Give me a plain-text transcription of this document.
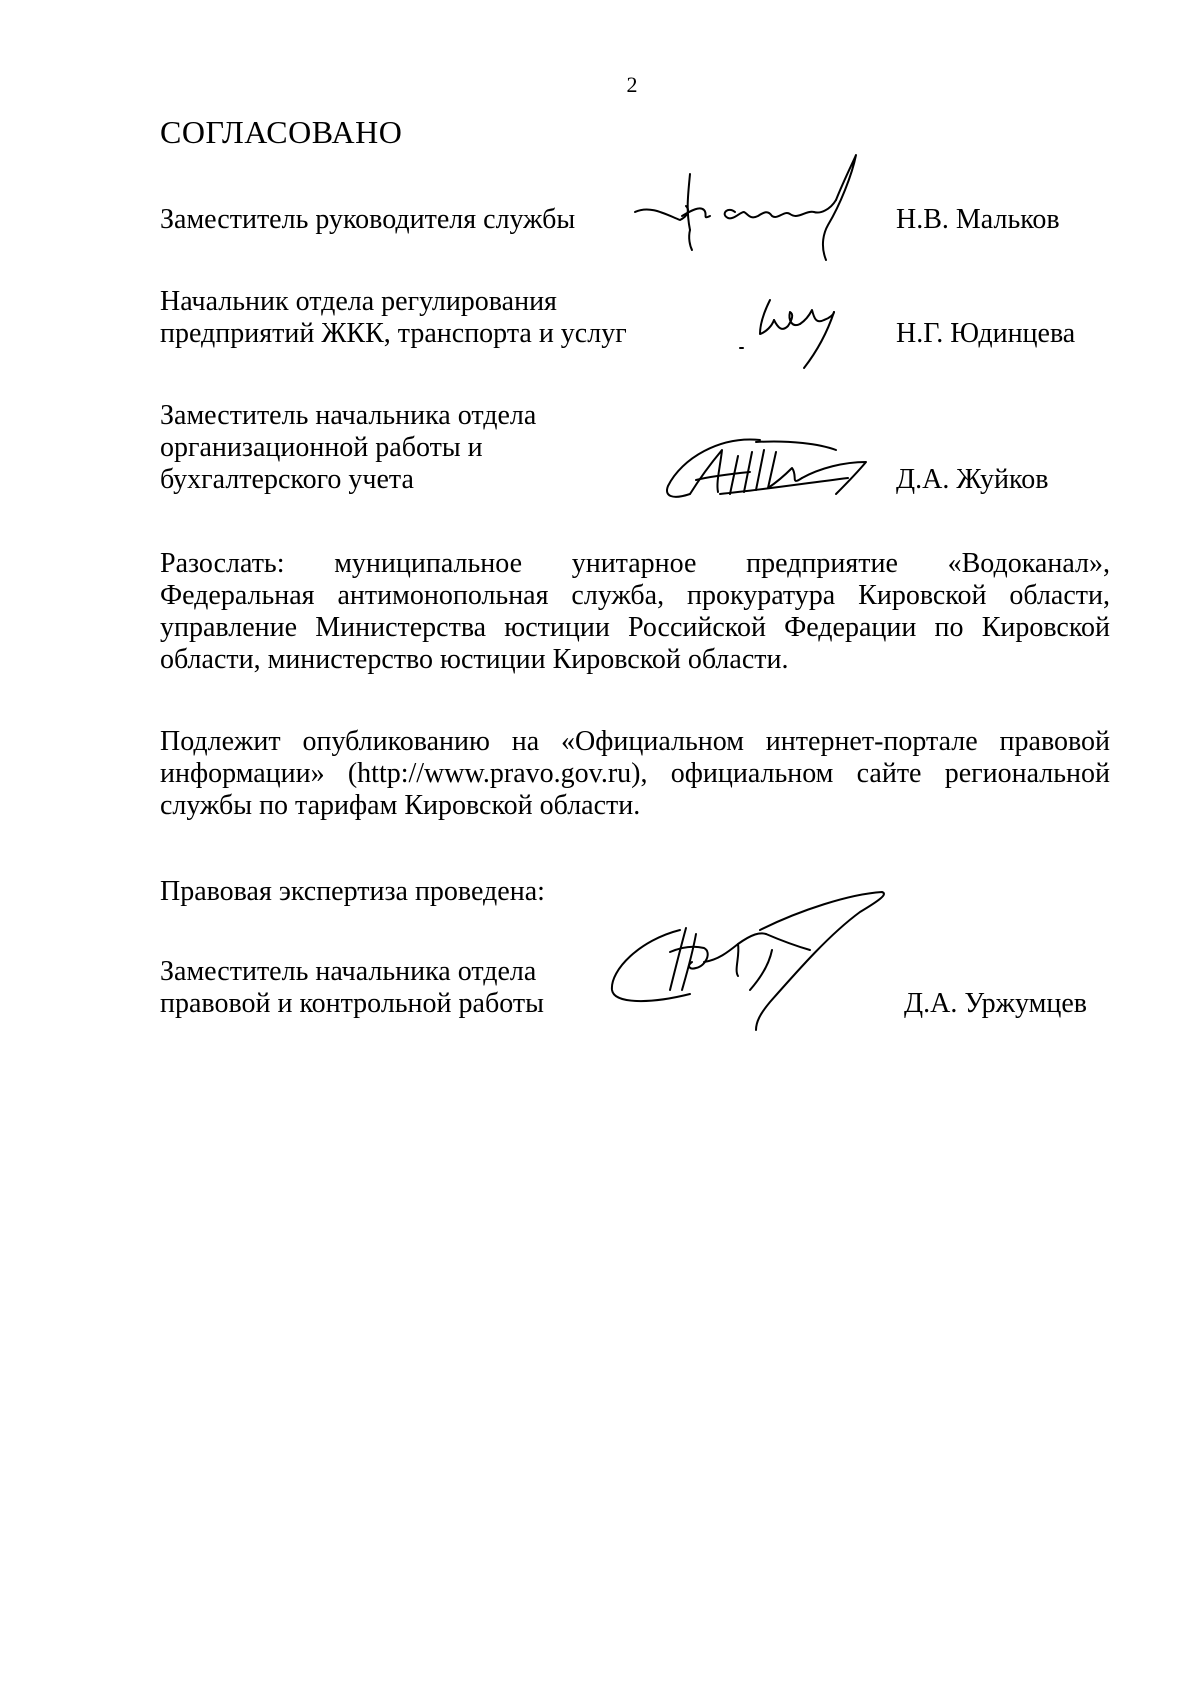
2
СОГЛАСОВАНО
Заместитель руководителя службы	Н.В. Мальков
Начальник отдела регулирования
предприятий ЖКК, транспорта и услуг	Н.Г. Юдинцева
Заместитель начальника отдела
организационной работы и
бухгалтерского учета	Д.А. Жуйков
Разослать: муниципальное унитарное предприятие «Водоканал»,
Федеральная антимонопольная служба, прокуратура Кировской области,
управление Министерства юстиции Российской Федерации по Кировской
области, министерство юстиции Кировской области.
Подлежит опубликованию на «Официальном интернет-портале правовой
информации» (http://www.pravo.gov.ru), официальном сайте региональной
службы по тарифам Кировской области.
Правовая экспертиза проведена:
Заместитель начальника отдела
правовой и контрольной работы	Д.А. Уржумцев
